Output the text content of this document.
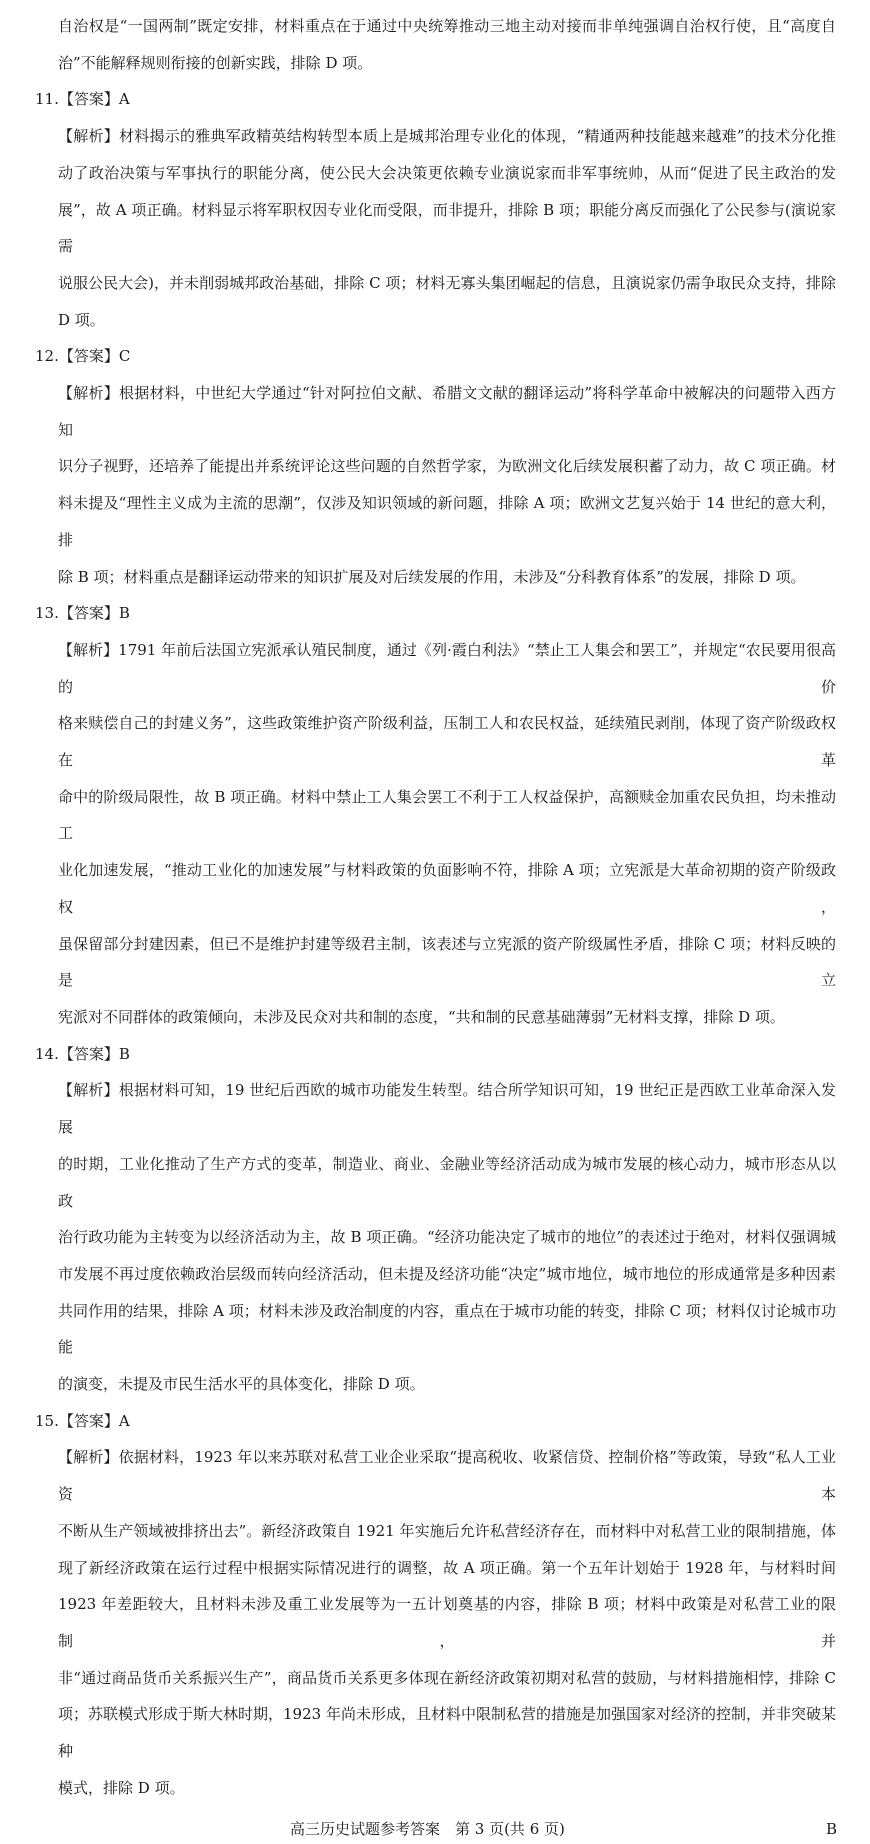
自治权是“一国两制”既定安排，材料重点在于通过中央统筹推动三地主动对接而非单纯强调自治权行使，且“高度自
治”不能解释规则衔接的创新实践，排除 D 项。
11.【答案】A
【解析】材料揭示的雅典军政精英结构转型本质上是城邦治理专业化的体现，“精通两种技能越来越难”的技术分化推
动了政治决策与军事执行的职能分离，使公民大会决策更依赖专业演说家而非军事统帅，从而“促进了民主政治的发
展”，故 A 项正确。材料显示将军职权因专业化而受限，而非提升，排除 B 项；职能分离反而强化了公民参与(演说家需
说服公民大会)，并未削弱城邦政治基础，排除 C 项；材料无寡头集团崛起的信息，且演说家仍需争取民众支持，排除
D 项。
12.【答案】C
【解析】根据材料，中世纪大学通过“针对阿拉伯文献、希腊文文献的翻译运动”将科学革命中被解决的问题带入西方知
识分子视野，还培养了能提出并系统评论这些问题的自然哲学家，为欧洲文化后续发展积蓄了动力，故 C 项正确。材
料未提及“理性主义成为主流的思潮”，仅涉及知识领域的新问题，排除 A 项；欧洲文艺复兴始于 14 世纪的意大利，排
除 B 项；材料重点是翻译运动带来的知识扩展及对后续发展的作用，未涉及“分科教育体系”的发展，排除 D 项。
13.【答案】B
【解析】1791 年前后法国立宪派承认殖民制度，通过《列·霞白利法》“禁止工人集会和罢工”，并规定“农民要用很高的价
格来赎偿自己的封建义务”，这些政策维护资产阶级利益，压制工人和农民权益，延续殖民剥削，体现了资产阶级政权在革
命中的阶级局限性，故 B 项正确。材料中禁止工人集会罢工不利于工人权益保护，高额赎金加重农民负担，均未推动工
业化加速发展，“推动工业化的加速发展”与材料政策的负面影响不符，排除 A 项；立宪派是大革命初期的资产阶级政权，
虽保留部分封建因素，但已不是维护封建等级君主制，该表述与立宪派的资产阶级属性矛盾，排除 C 项；材料反映的是立
宪派对不同群体的政策倾向，未涉及民众对共和制的态度，“共和制的民意基础薄弱”无材料支撑，排除 D 项。
14.【答案】B
【解析】根据材料可知，19 世纪后西欧的城市功能发生转型。结合所学知识可知，19 世纪正是西欧工业革命深入发展
的时期，工业化推动了生产方式的变革，制造业、商业、金融业等经济活动成为城市发展的核心动力，城市形态从以政
治行政功能为主转变为以经济活动为主，故 B 项正确。“经济功能决定了城市的地位”的表述过于绝对，材料仅强调城
市发展不再过度依赖政治层级而转向经济活动，但未提及经济功能“决定”城市地位，城市地位的形成通常是多种因素
共同作用的结果，排除 A 项；材料未涉及政治制度的内容，重点在于城市功能的转变，排除 C 项；材料仅讨论城市功能
的演变，未提及市民生活水平的具体变化，排除 D 项。
15.【答案】A
【解析】依据材料，1923 年以来苏联对私营工业企业采取“提高税收、收紧信贷、控制价格”等政策，导致“私人工业资本
不断从生产领域被排挤出去”。新经济政策自 1921 年实施后允许私营经济存在，而材料中对私营工业的限制措施，体
现了新经济政策在运行过程中根据实际情况进行的调整，故 A 项正确。第一个五年计划始于 1928 年，与材料时间
1923 年差距较大，且材料未涉及重工业发展等为一五计划奠基的内容，排除 B 项；材料中政策是对私营工业的限制，并
非“通过商品货币关系振兴生产”，商品货币关系更多体现在新经济政策初期对私营的鼓励，与材料措施相悖，排除 C
项；苏联模式形成于斯大林时期，1923 年尚未形成，且材料中限制私营的措施是加强国家对经济的控制，并非突破某种
模式，排除 D 项。
高三历史试题参考答案　第 3 页(共 6 页)	B
